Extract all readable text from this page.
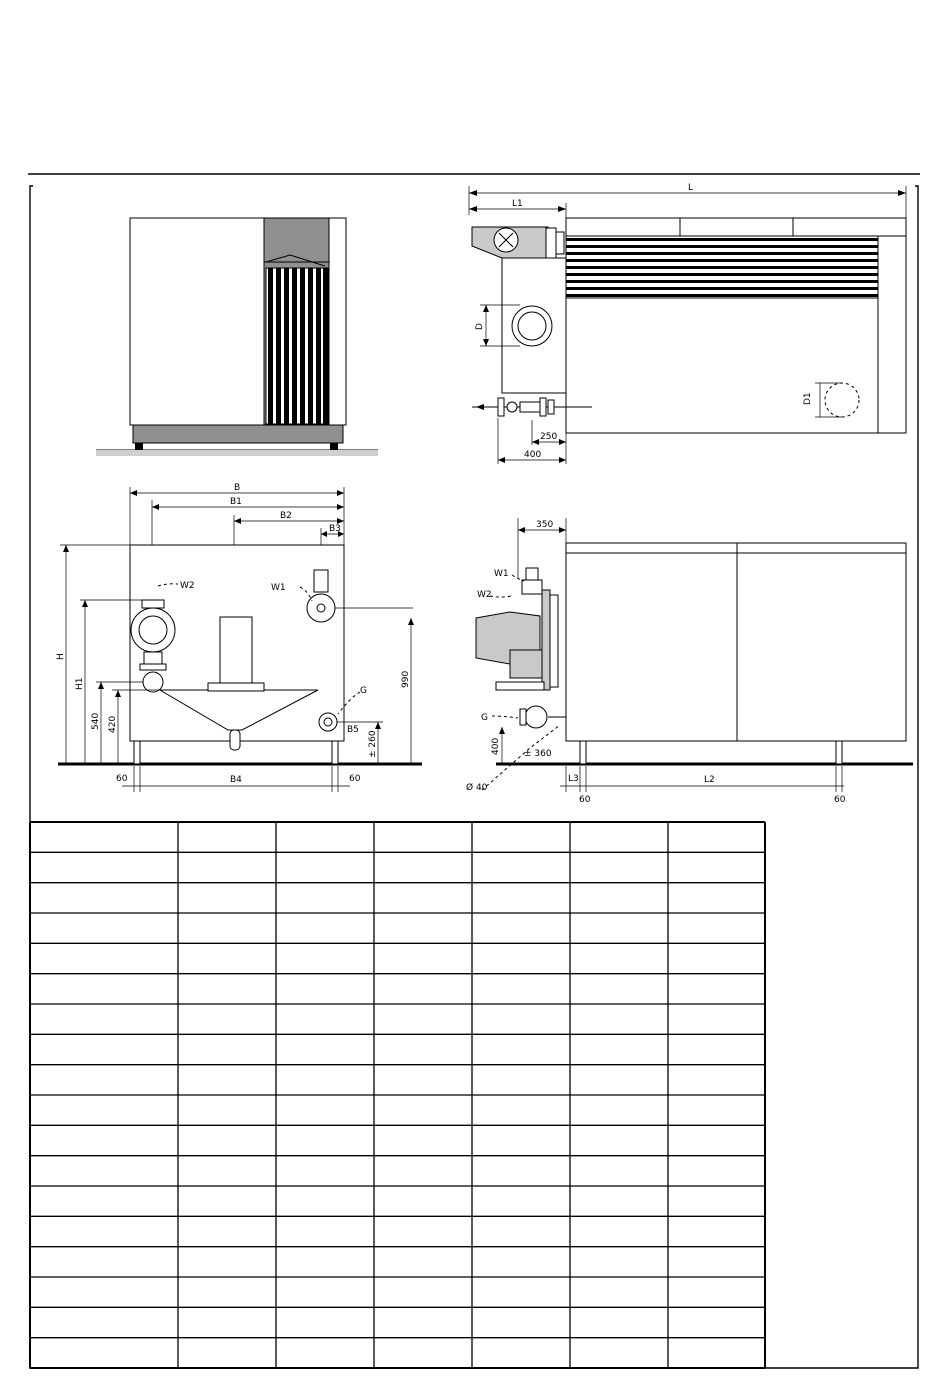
L
L1
D
D1
250
400
B
B1
B2
B3
W2	W1
G
B5
H
H1
540 420
990
± 260
60	B4	60
350
W1
W2
G
400	± 360
Ø 40
L3	L2
60	60
